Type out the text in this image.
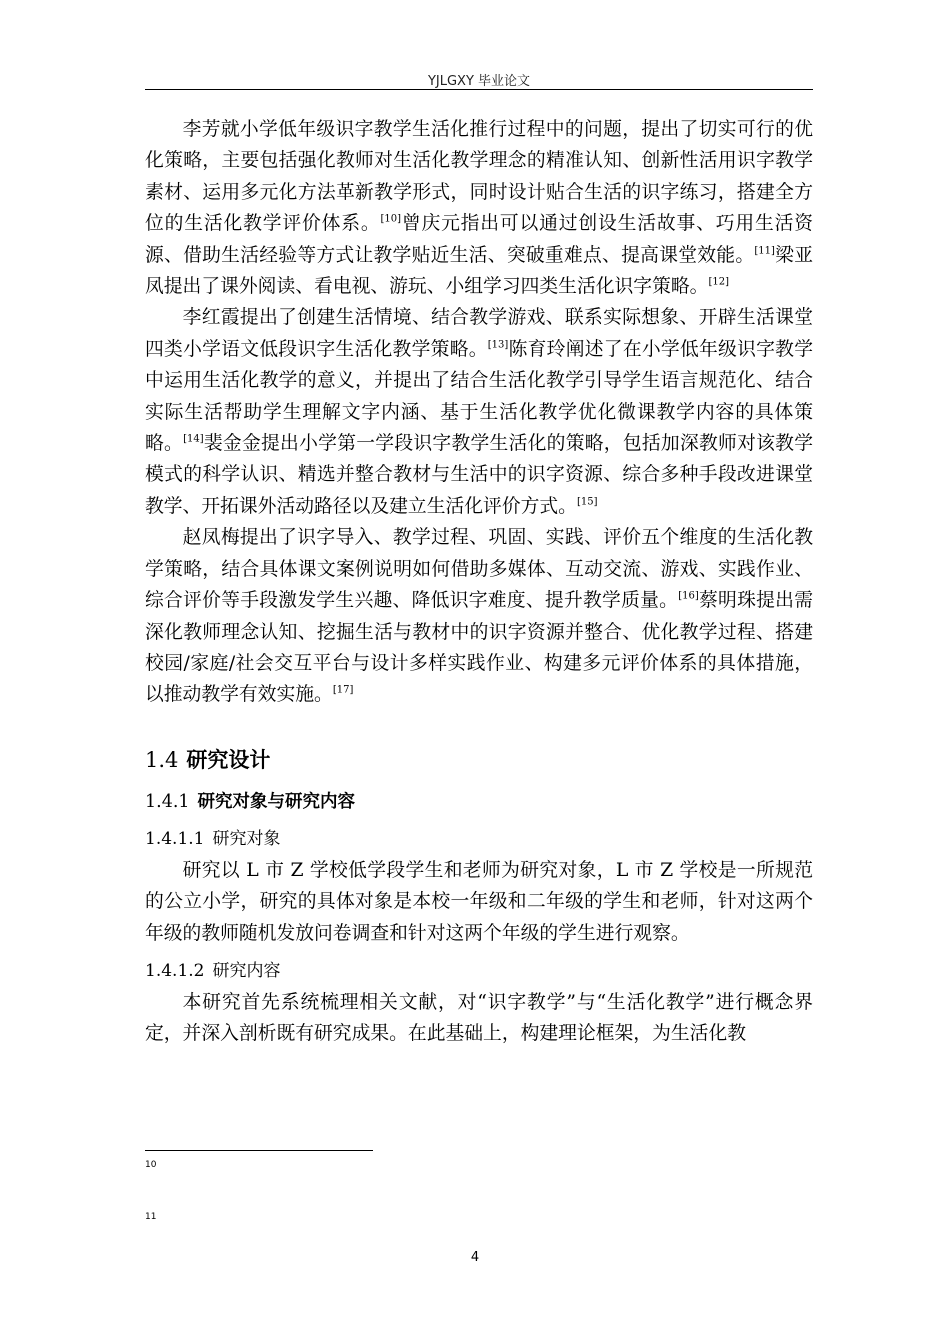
YJLGXY 毕业论文

李芳就小学低年级识字教学生活化推行过程中的问题，提出了切实可行的优化策略，主要包括强化教师对生活化教学理念的精准认知、创新性活用识字教学素材、运用多元化方法革新教学形式，同时设计贴合生活的识字练习，搭建全方位的生活化教学评价体系。[10]曾庆元指出可以通过创设生活故事、巧用生活资源、借助生活经验等方式让教学贴近生活、突破重难点、提高课堂效能。[11]梁亚凤提出了课外阅读、看电视、游玩、小组学习四类生活化识字策略。[12]

李红霞提出了创建生活情境、结合教学游戏、联系实际想象、开辟生活课堂四类小学语文低段识字生活化教学策略。[13]陈育玲阐述了在小学低年级识字教学中运用生活化教学的意义，并提出了结合生活化教学引导学生语言规范化、结合实际生活帮助学生理解文字内涵、基于生活化教学优化微课教学内容的具体策略。[14]裴金金提出小学第一学段识字教学生活化的策略，包括加深教师对该教学模式的科学认识、精选并整合教材与生活中的识字资源、综合多种手段改进课堂教学、开拓课外活动路径以及建立生活化评价方式。[15]

赵凤梅提出了识字导入、教学过程、巩固、实践、评价五个维度的生活化教学策略，结合具体课文案例说明如何借助多媒体、互动交流、游戏、实践作业、综合评价等手段激发学生兴趣、降低识字难度、提升教学质量。[16]蔡明珠提出需深化教师理念认知、挖掘生活与教材中的识字资源并整合、优化教学过程、搭建校园/家庭/社会交互平台与设计多样实践作业、构建多元评价体系的具体措施，以推动教学有效实施。[17]

1.4 研究设计
1.4.1 研究对象与研究内容
1.4.1.1 研究对象

研究以 L 市 Z 学校低学段学生和老师为研究对象，L 市 Z 学校是一所规范的公立小学，研究的具体对象是本校一年级和二年级的学生和老师，针对这两个年级的教师随机发放问卷调查和针对这两个年级的学生进行观察。

1.4.1.2 研究内容

本研究首先系统梳理相关文献，对“识字教学”与“生活化教学”进行概念界定，并深入剖析既有研究成果。在此基础上，构建理论框架，为生活化教

10
11
4
